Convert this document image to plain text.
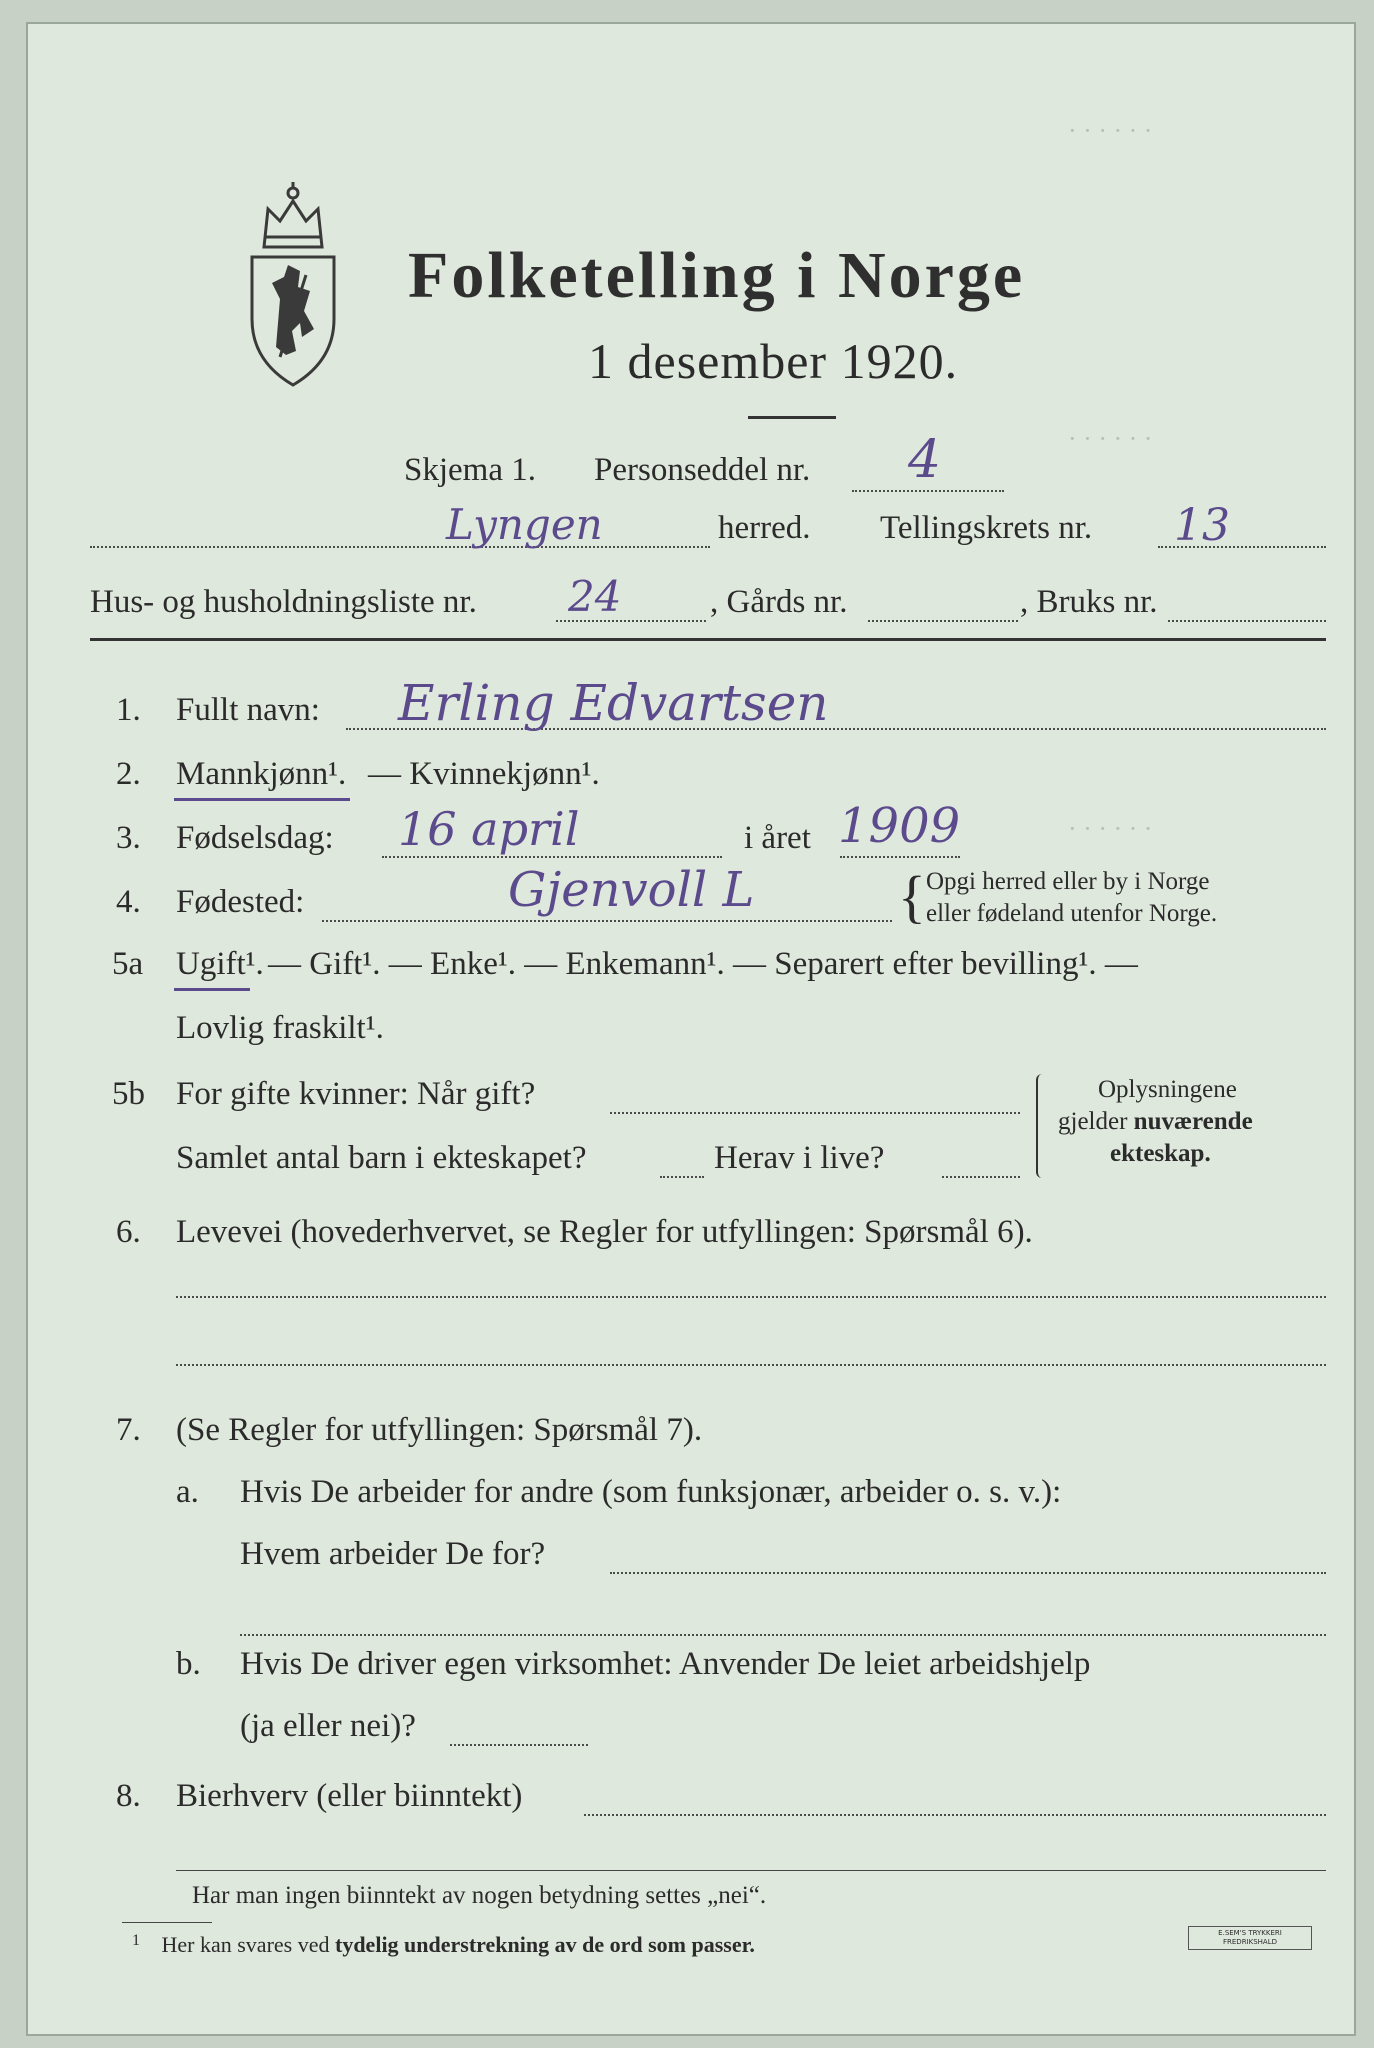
· · · · · ·
· · · · · ·
· · · · · ·
Folketelling i Norge
1 desember 1920.
Skjema 1. Personseddel nr. 4
Lyngen	herred. Tellingskrets nr. 13
Hus- og husholdningsliste nr. 24	, Gårds nr.	, Bruks nr.
1. Fullt navn: Erling Edvartsen
2. Mannkjønn¹. — Kvinnekjønn¹.
3. Fødselsdag: 16 april	i året 1909
4. Fødested:	Gjenvoll L { Opgi herred eller by i Norge
eller fødeland utenfor Norge.
5a Ugift¹. — Gift¹. — Enke¹. — Enkemann¹. — Separert efter bevilling¹. —
Lovlig fraskilt¹.
5b For gifte kvinner: Når gift?
Samlet antal barn i ekteskapet?	Herav i live?
Oplysningene
gjelder nuværende
ekteskap.
6. Levevei (hovederhvervet, se Regler for utfyllingen: Spørsmål 6).
7. (Se Regler for utfyllingen: Spørsmål 7).
a. Hvis De arbeider for andre (som funksjonær, arbeider o. s. v.):
Hvem arbeider De for?
b. Hvis De driver egen virksomhet: Anvender De leiet arbeidshjelp
(ja eller nei)?
8. Bierhverv (eller biinntekt)
Har man ingen biinntekt av nogen betydning settes „nei“.
$^1$ Her kan svares ved tydelig understrekning av de ord som passer.	E.SEM'S TRYKKERI FREDRIKSHALD
